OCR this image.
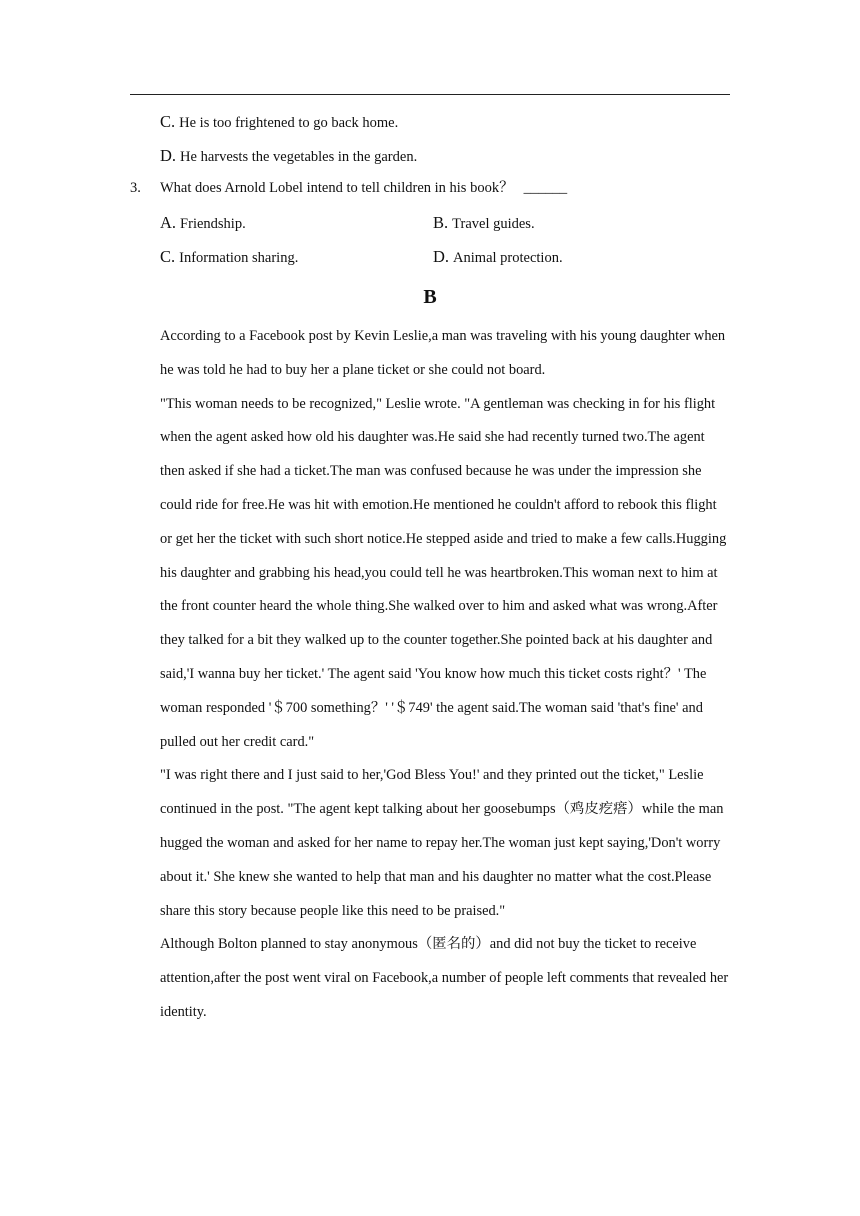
C. He is too frightened to go back home.
D. He harvests the vegetables in the garden.
3. What does Arnold Lobel intend to tell children in his book？ ______
A. Friendship.	B. Travel guides.
C. Information sharing.	D. Animal protection.
B

According to a Facebook post by Kevin Leslie,a man was traveling with his young daughter when he was told he had to buy her a plane ticket or she could not board.

"This woman needs to be recognized," Leslie wrote. "A gentleman was checking in for his flight when the agent asked how old his daughter was.He said she had recently turned two.The agent then asked if she had a ticket.The man was confused because he was under the impression she could ride for free.He was hit with emotion.He mentioned he couldn't afford to rebook this flight or get her the ticket with such short notice.He stepped aside and tried to make a few calls.Hugging his daughter and grabbing his head,you could tell he was heartbroken.This woman next to him at the front counter heard the whole thing.She walked over to him and asked what was wrong.After they talked for a bit they walked up to the counter together.She pointed back at his daughter and said,'I wanna buy her ticket.' The agent said 'You know how much this ticket costs right？' The woman responded '＄700 something？' '＄749' the agent said.The woman said 'that's fine' and pulled out her credit card."

"I was right there and I just said to her,'God Bless You!' and they printed out the ticket," Leslie continued in the post. "The agent kept talking about her goosebumps（鸡皮疙瘩）while the man hugged the woman and asked for her name to repay her.The woman just kept saying,'Don't worry about it.' She knew she wanted to help that man and his daughter no matter what the cost.Please share this story because people like this need to be praised."

Although Bolton planned to stay anonymous（匿名的）and did not buy the ticket to receive attention,after the post went viral on Facebook,a number of people left comments that revealed her identity.
